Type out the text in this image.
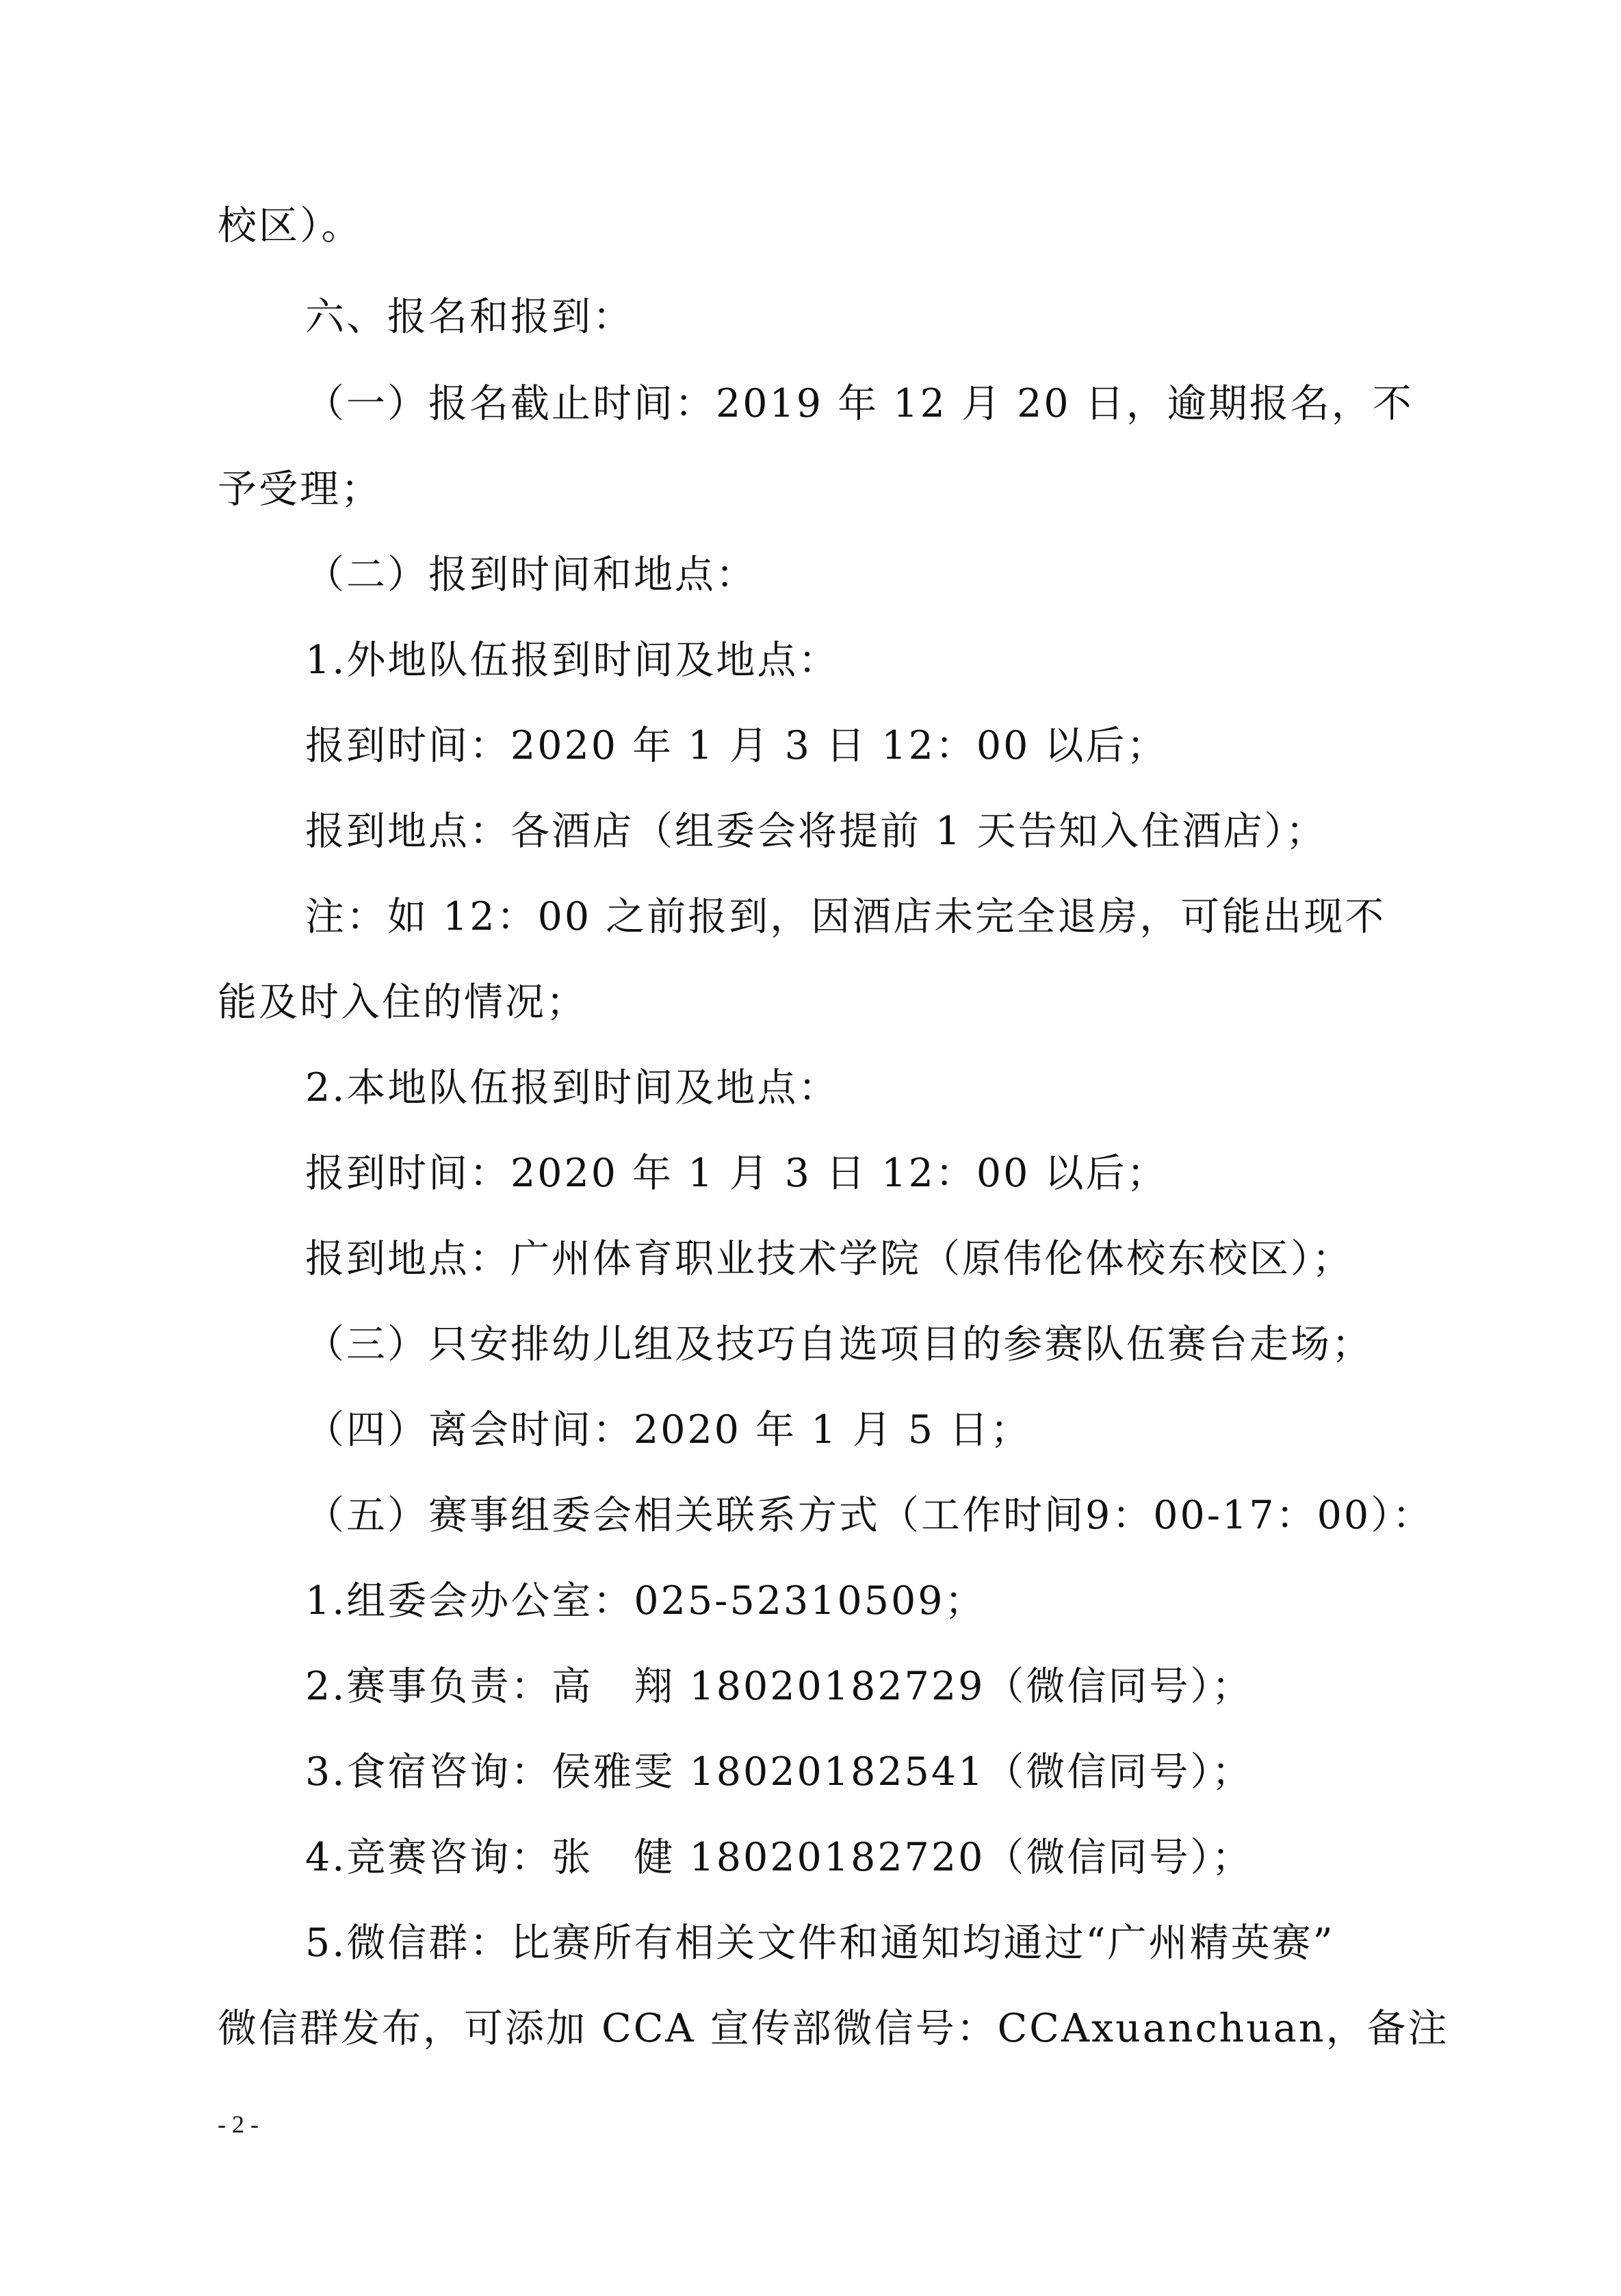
校区）。
六、报名和报到：
（一）报名截止时间：2019 年 12 月 20 日，逾期报名，不
予受理；
（二）报到时间和地点：
1.外地队伍报到时间及地点：
报到时间：2020 年 1 月 3 日 12：00 以后；
报到地点：各酒店（组委会将提前 1 天告知入住酒店）；
注：如 12：00 之前报到，因酒店未完全退房，可能出现不
能及时入住的情况；
2.本地队伍报到时间及地点：
报到时间：2020 年 1 月 3 日 12：00 以后；
报到地点：广州体育职业技术学院（原伟伦体校东校区）；
（三）只安排幼儿组及技巧自选项目的参赛队伍赛台走场；
（四）离会时间：2020 年 1 月 5 日；
（五）赛事组委会相关联系方式（工作时间9：00-17：00）：
1.组委会办公室：025-52310509；
2.赛事负责：高　翔 18020182729（微信同号）；
3.食宿咨询：侯雅雯 18020182541（微信同号）；
4.竞赛咨询：张　健 18020182720（微信同号）；
5.微信群：比赛所有相关文件和通知均通过“广州精英赛”
微信群发布，可添加 CCA 宣传部微信号：CCAxuanchuan，备注
- 2 -
